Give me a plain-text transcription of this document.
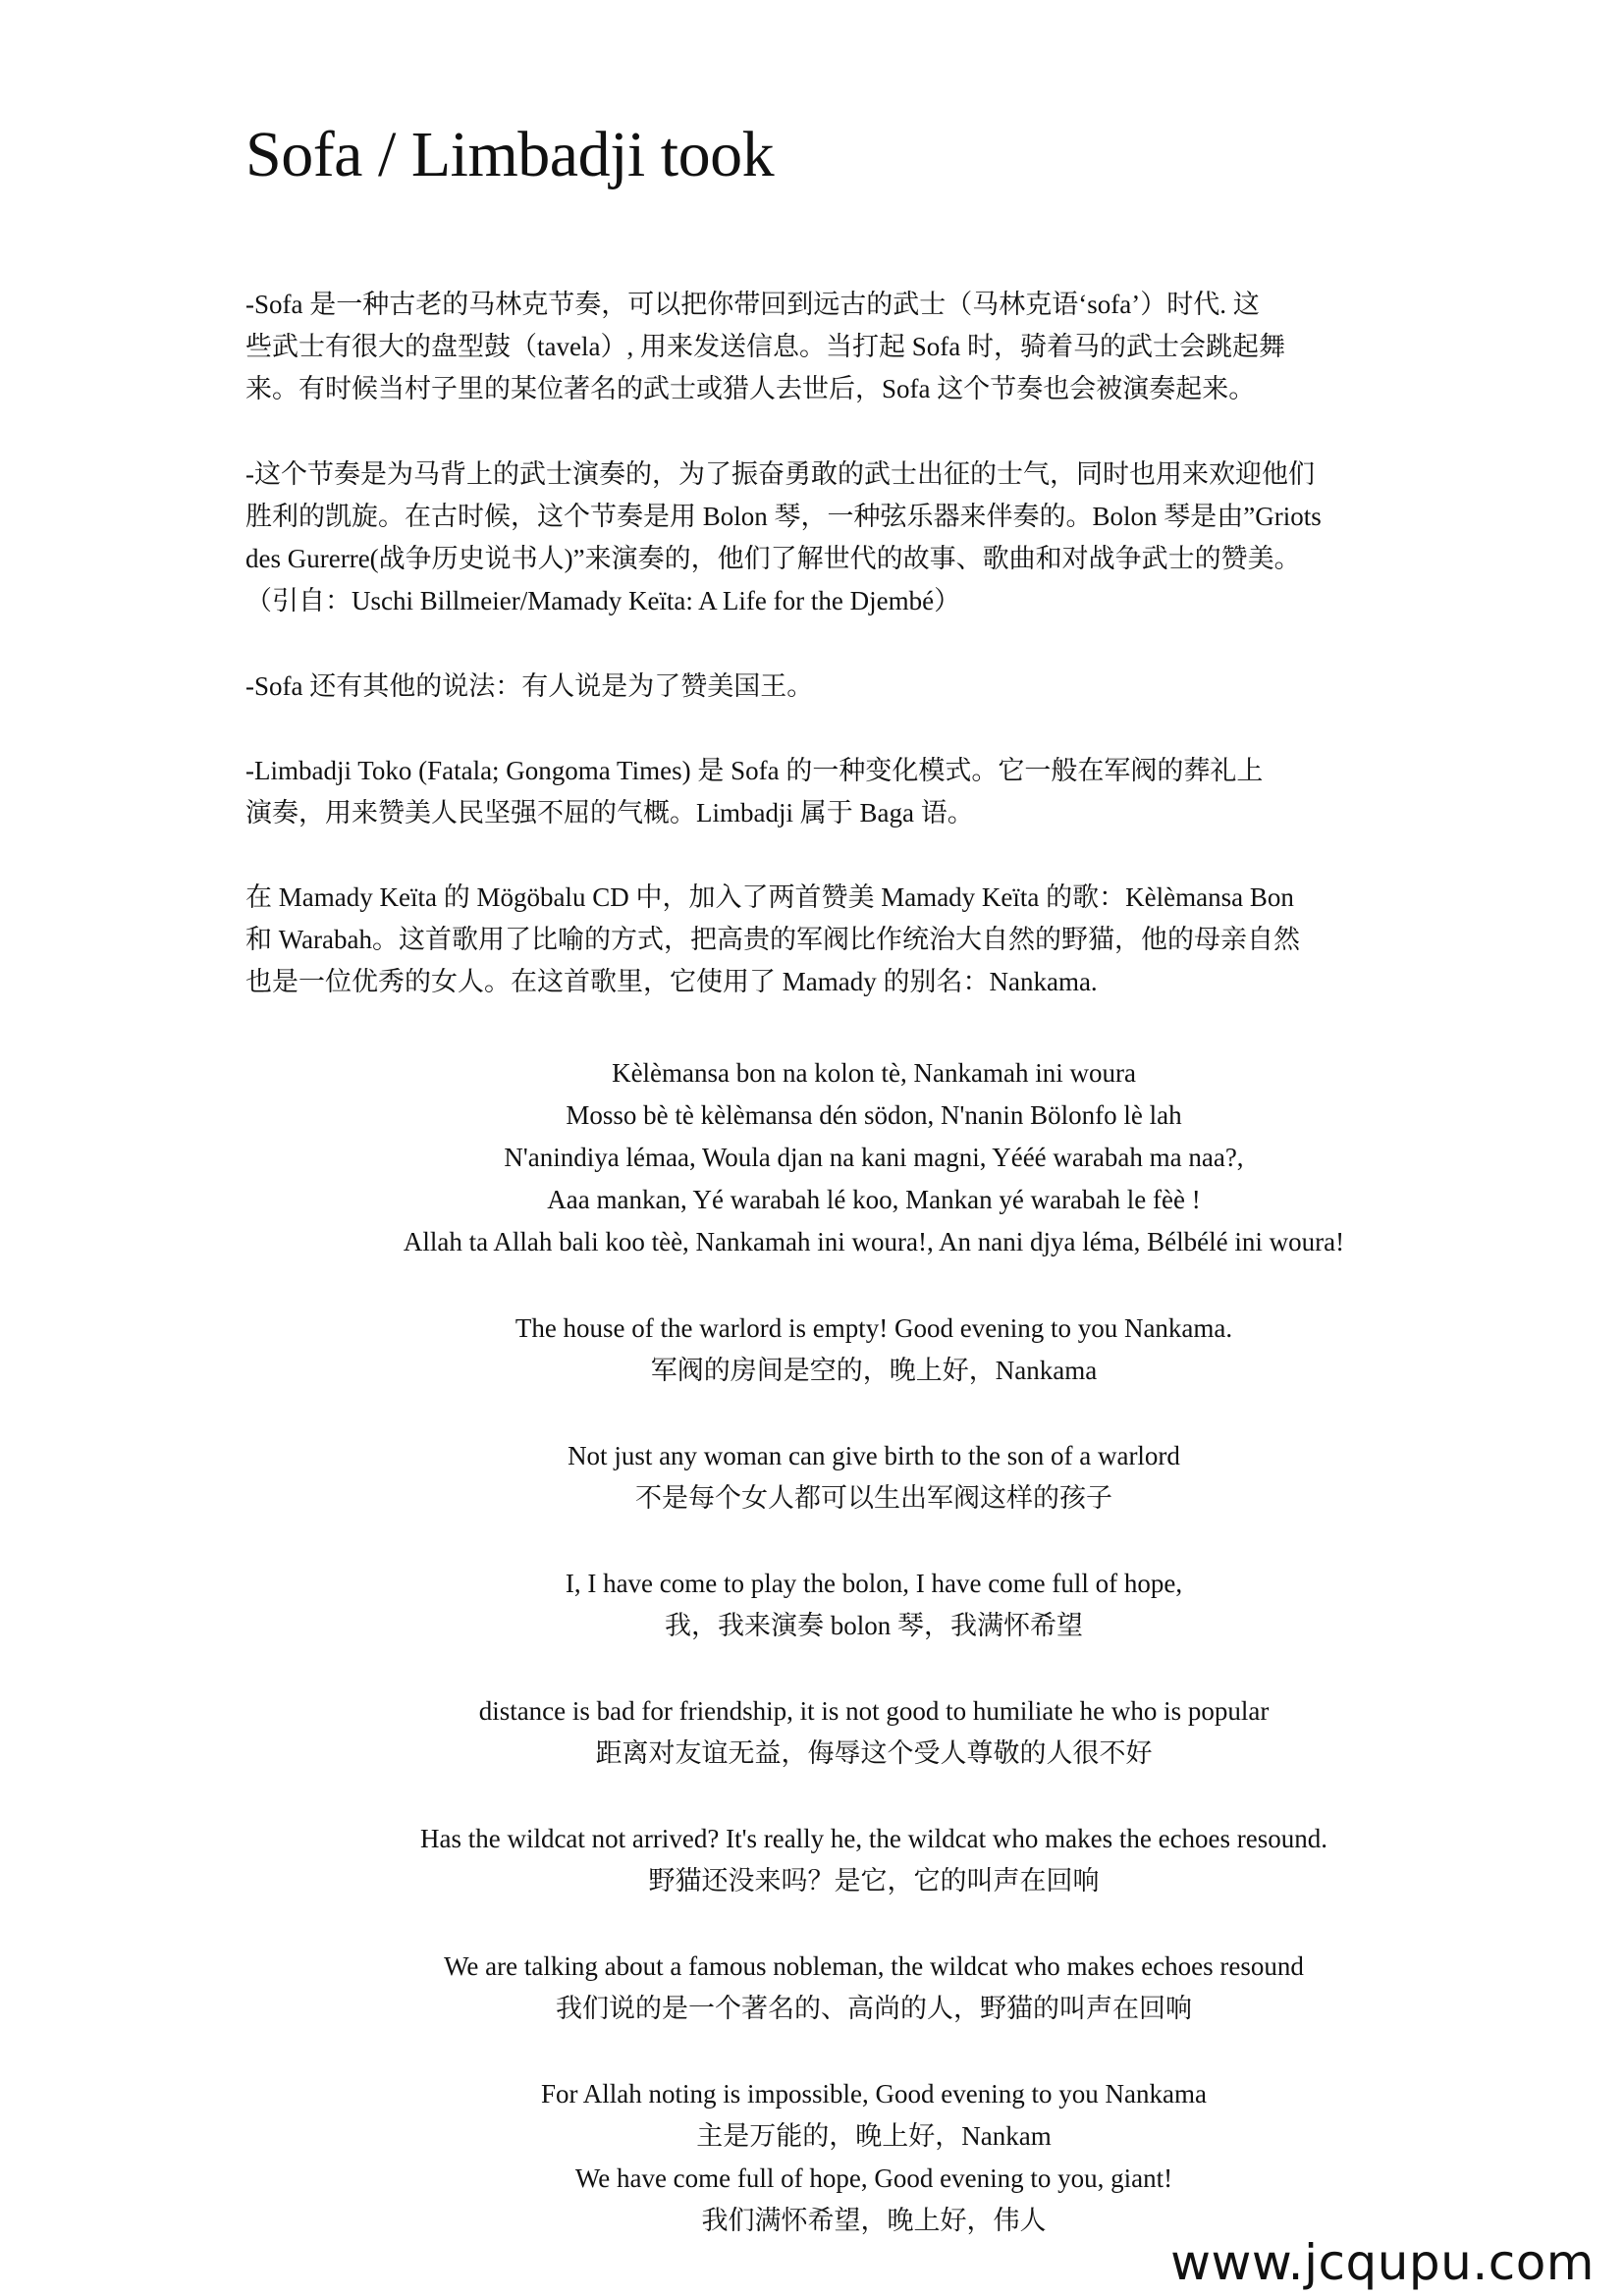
Sofa / Limbadji took

-Sofa 是一种古老的马林克节奏，可以把你带回到远古的武士（马林克语‘sofa’）时代. 这
些武士有很大的盘型鼓（tavela）, 用来发送信息。当打起 Sofa 时，骑着马的武士会跳起舞
来。有时候当村子里的某位著名的武士或猎人去世后，Sofa 这个节奏也会被演奏起来。

-这个节奏是为马背上的武士演奏的，为了振奋勇敢的武士出征的士气，同时也用来欢迎他们
胜利的凯旋。在古时候，这个节奏是用 Bolon 琴，一种弦乐器来伴奏的。Bolon 琴是由”Griots
des Gurerre(战争历史说书人)”来演奏的，他们了解世代的故事、歌曲和对战争武士的赞美。
（引自：Uschi Billmeier/Mamady Keïta: A Life for the Djembé）

-Sofa 还有其他的说法：有人说是为了赞美国王。

-Limbadji Toko (Fatala; Gongoma Times) 是 Sofa 的一种变化模式。它一般在军阀的葬礼上
演奏，用来赞美人民坚强不屈的气概。Limbadji 属于 Baga 语。

在 Mamady Keïta 的 Mögöbalu CD 中，加入了两首赞美 Mamady Keïta 的歌：Kèlèmansa Bon
和 Warabah。这首歌用了比喻的方式，把高贵的军阀比作统治大自然的野猫，他的母亲自然
也是一位优秀的女人。在这首歌里，它使用了 Mamady 的别名：Nankama.

Kèlèmansa bon na kolon tè, Nankamah ini woura
Mosso bè tè kèlèmansa dén södon, N'nanin Bölonfo lè lah
N'anindiya lémaa, Woula djan na kani magni, Yééé warabah ma naa?,
Aaa mankan, Yé warabah lé koo, Mankan yé warabah le fèè !
Allah ta Allah bali koo tèè, Nankamah ini woura!, An nani djya léma, Bélbélé ini woura!
The house of the warlord is empty! Good evening to you Nankama.
军阀的房间是空的，晚上好，Nankama
Not just any woman can give birth to the son of a warlord
不是每个女人都可以生出军阀这样的孩子
I, I have come to play the bolon, I have come full of hope,
我，我来演奏 bolon 琴，我满怀希望
distance is bad for friendship, it is not good to humiliate he who is popular
距离对友谊无益，侮辱这个受人尊敬的人很不好
Has the wildcat not arrived? It's really he, the wildcat who makes the echoes resound.
野猫还没来吗？是它，它的叫声在回响
We are talking about a famous nobleman, the wildcat who makes echoes resound
我们说的是一个著名的、高尚的人，野猫的叫声在回响
For Allah noting is impossible, Good evening to you Nankama
主是万能的，晚上好，Nankam
We have come full of hope, Good evening to you, giant!
我们满怀希望，晚上好，伟人
www.jcqupu.com
